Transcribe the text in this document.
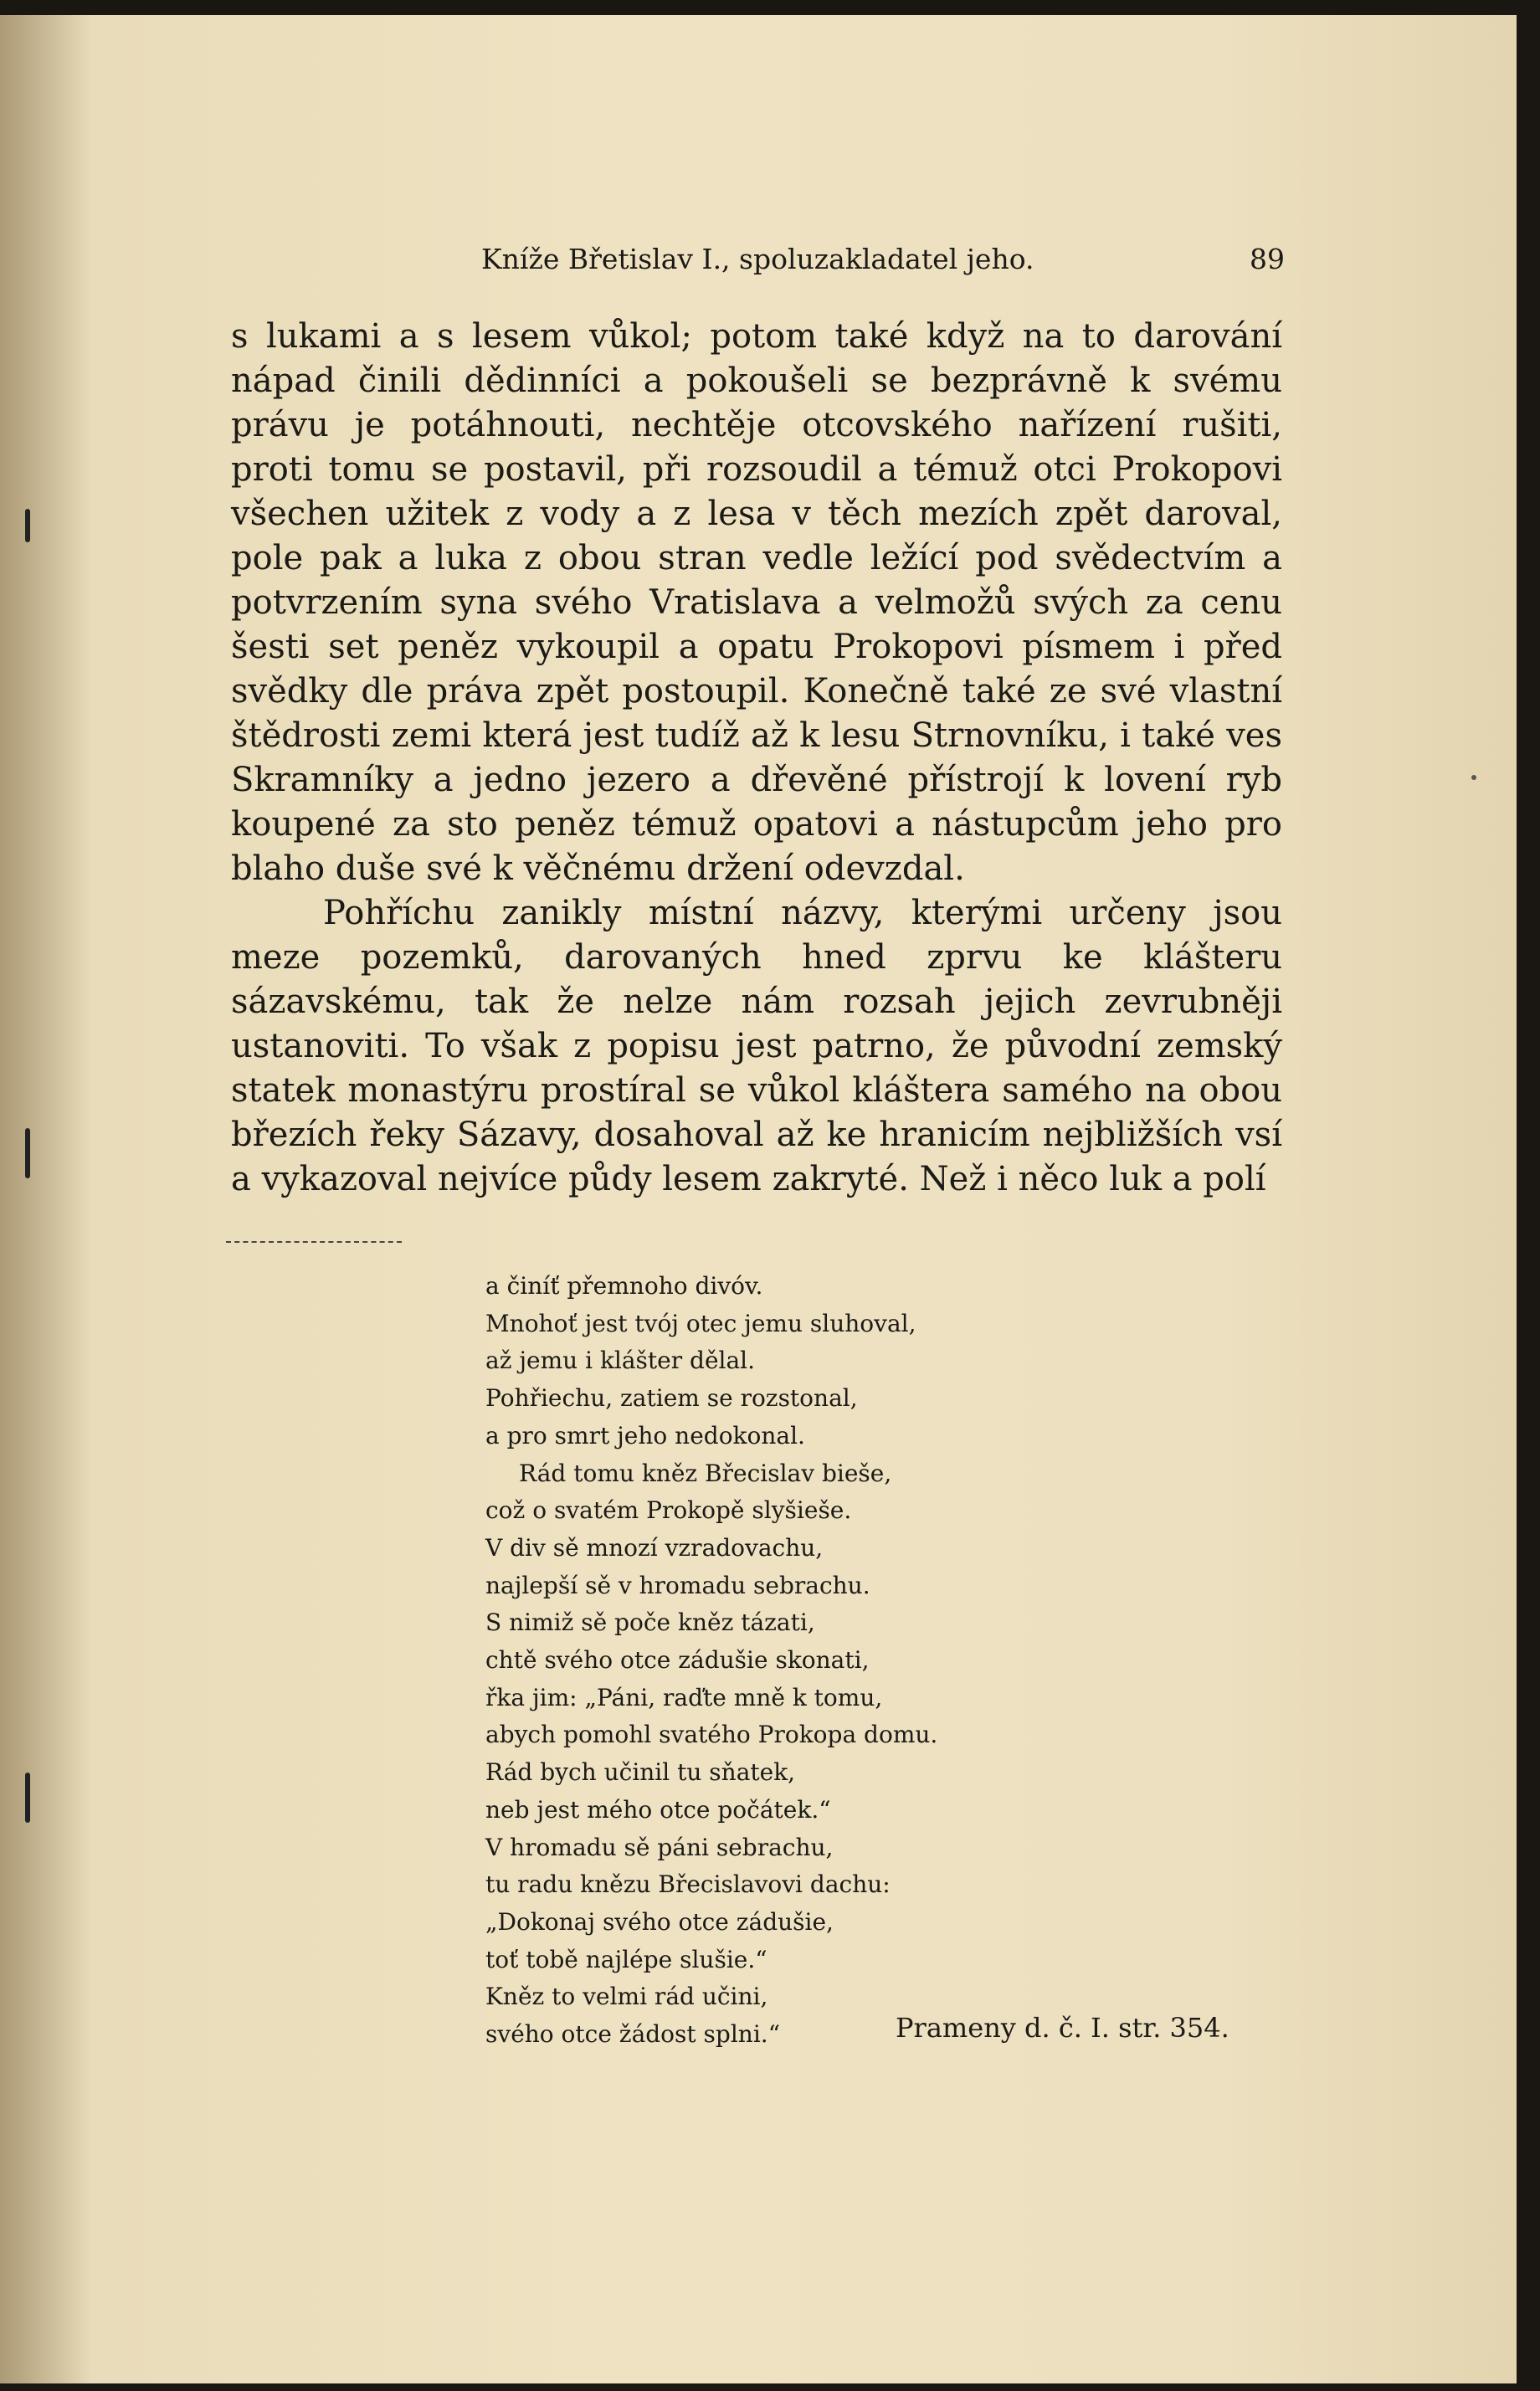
Kníže Břetislav I., spoluzakladatel jeho.	89

s lukami a s lesem vůkol; potom také když na to darování nápad činili dědinníci a pokoušeli se bezprávně k svému právu je potáhnouti, nechtěje otcovského nařízení rušiti, proti tomu se postavil, při rozsoudil a témuž otci Prokopovi všechen užitek z vody a z lesa v těch mezích zpět daroval, pole pak a luka z obou stran vedle ležící pod svědectvím a potvrzením syna svého Vratislava a velmožů svých za cenu šesti set peněz vykoupil a opatu Prokopovi písmem i před svědky dle práva zpět postoupil. Konečně také ze své vlastní štědrosti zemi která jest tudíž až k lesu Strnovníku, i také ves Skramníky a jedno jezero a dřevěné přístrojí k lovení ryb koupené za sto peněz témuž opatovi a nástupcům jeho pro blaho duše své k věčnému držení odevzdal.

Pohříchu zanikly místní názvy, kterými určeny jsou meze pozemků, darovaných hned zprvu ke klášteru sázavskému, tak že nelze nám rozsah jejich zevrubněji ustanoviti. To však z popisu jest patrno, že původní zemský statek monastýru prostíral se vůkol kláštera samého na obou březích řeky Sázavy, dosahoval až ke hranicím nejbližších vsí a vykazoval nejvíce půdy lesem zakryté. Než i něco luk a polí

a činíť přemnoho divóv.
Mnohoť jest tvój otec jemu sluhoval,
až jemu i klášter dělal.
Pohřiechu, zatiem se rozstonal,
a pro smrt jeho nedokonal.
Rád tomu kněz Břecislav bieše,
což o svatém Prokopě slyšieše.
V div sě mnozí vzradovachu,
najlepší sě v hromadu sebrachu.
S nimiž sě poče kněz tázati,
chtě svého otce zádušie skonati,
řka jim: „Páni, raďte mně k tomu,
abych pomohl svatého Prokopa domu.
Rád bych učinil tu sňatek,
neb jest mého otce počátek.“
V hromadu sě páni sebrachu,
tu radu knězu Břecislavovi dachu:
„Dokonaj svého otce zádušie,
toť tobě najlépe slušie.“
Kněz to velmi rád učini,
svého otce žádost splni.“	Prameny d. č. I. str. 354.
